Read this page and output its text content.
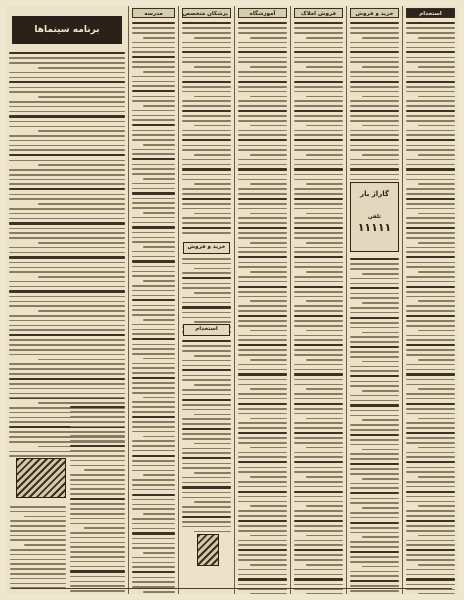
برنامه سینماها
مدرسه	پزشکان متخصص
خرید و فروش
استخدام
آموزشگاه	فروش املاک	خرید و فروش
گاراژ بار
تلفن
۱۱۱۱۱
استخدام
